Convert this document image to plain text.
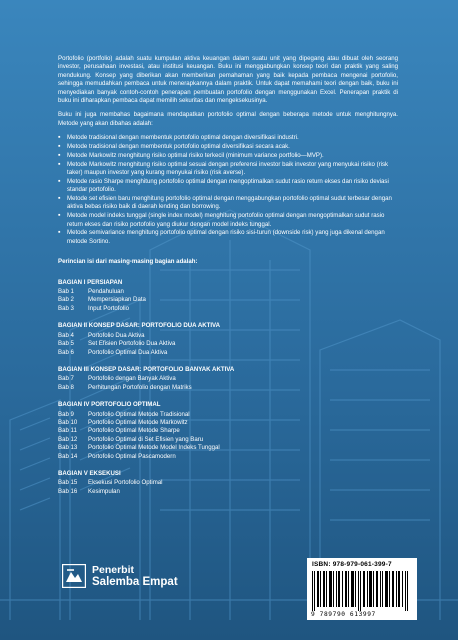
Portofolio (portfolio) adalah suatu kumpulan aktiva keuangan dalam suatu unit yang dipegang atau dibuat oleh seorang investor, perusahaan investasi, atau institusi keuangan. Buku ini menggabungkan konsep teori dan praktik yang saling mendukung. Konsep yang diberikan akan memberikan pemahaman yang baik kepada pembaca mengenai portofolio, sehingga memudahkan pembaca untuk menerapkannya dalam praktik. Untuk dapat memahami teori dengan baik, buku ini menyediakan banyak contoh-contoh penerapan pembuatan portofolio dengan menggunakan Excel. Penerapan praktik di buku ini diharapkan pembaca dapat memilih sekuritas dan mengeksekusinya.

Buku ini juga membahas bagaimana mendapatkan portofolio optimal dengan beberapa metode untuk menghitungnya. Metode yang akan dibahas adalah:

▪ Metode tradisional dengan membentuk portofolio optimal dengan diversifikasi industri.
▪ Metode tradisional dengan membentuk portofolio optimal diversifikasi secara acak.
▪ Metode Markowitz menghitung risiko optimal risiko terkecil (minimum variance portfolio—MVP).
▪ Metode Markowitz menghitung risiko optimal sesuai dengan preferensi investor baik investor yang menyukai risiko (risk taker) maupun investor yang kurang menyukai risiko (risk averse).
▪ Metode rasio Sharpe menghitung portofolio optimal dengan mengoptimalkan sudut rasio return ekses dan risiko deviasi standar portofolio.
▪ Metode set efisien baru menghitung portofolio optimal dengan menggabungkan portofolio optimal sudut terbesar dengan aktiva bebas risiko baik di daerah lending dan borrowing.
▪ Metode model indeks tunggal (single index model) menghitung portofolio optimal dengan mengoptimalkan sudut rasio return ekses dan risiko portofolio yang diukur dengan model indeks tunggal.
▪ Metode semivariance menghitung portofolio optimal dengan risiko sisi-turun (downside risk) yang juga dikenal dengan metode Sortino.
Perincian isi dari masing-masing bagian adalah:
BAGIAN I PERSIAPAN
Bab 1	Pendahuluan
Bab 2	Mempersiapkan Data
Bab 3	Input Portofolio
BAGIAN II KONSEP DASAR: PORTOFOLIO DUA AKTIVA
Bab 4	Portofolio Dua Aktiva
Bab 5	Set Efisien Portofolio Dua Aktiva
Bab 6	Portofolio Optimal Dua Aktiva
BAGIAN III KONSEP DASAR: PORTOFOLIO BANYAK AKTIVA
Bab 7	Portofolio dengan Banyak Aktiva
Bab 8	Perhitungan Portofolio dengan Matriks
BAGIAN IV PORTOFOLIO OPTIMAL
Bab 9	Portofolio Optimal Metode Tradisional
Bab 10	Portofolio Optimal Metode Markowitz
Bab 11	Portofolio Optimal Metode Sharpe
Bab 12	Portofolio Optimal di Set Efisien yang Baru
Bab 13	Portofolio Optimal Metode Model Indeks Tunggal
Bab 14	Portofolio Optimal Pascamodern
BAGIAN V EKSEKUSI
Bab 15	Eksekusi Portofolio Optimal
Bab 16	Kesimpulan
Penerbit
Salemba Empat
ISBN: 978-979-061-399-7
9 789790 613997
